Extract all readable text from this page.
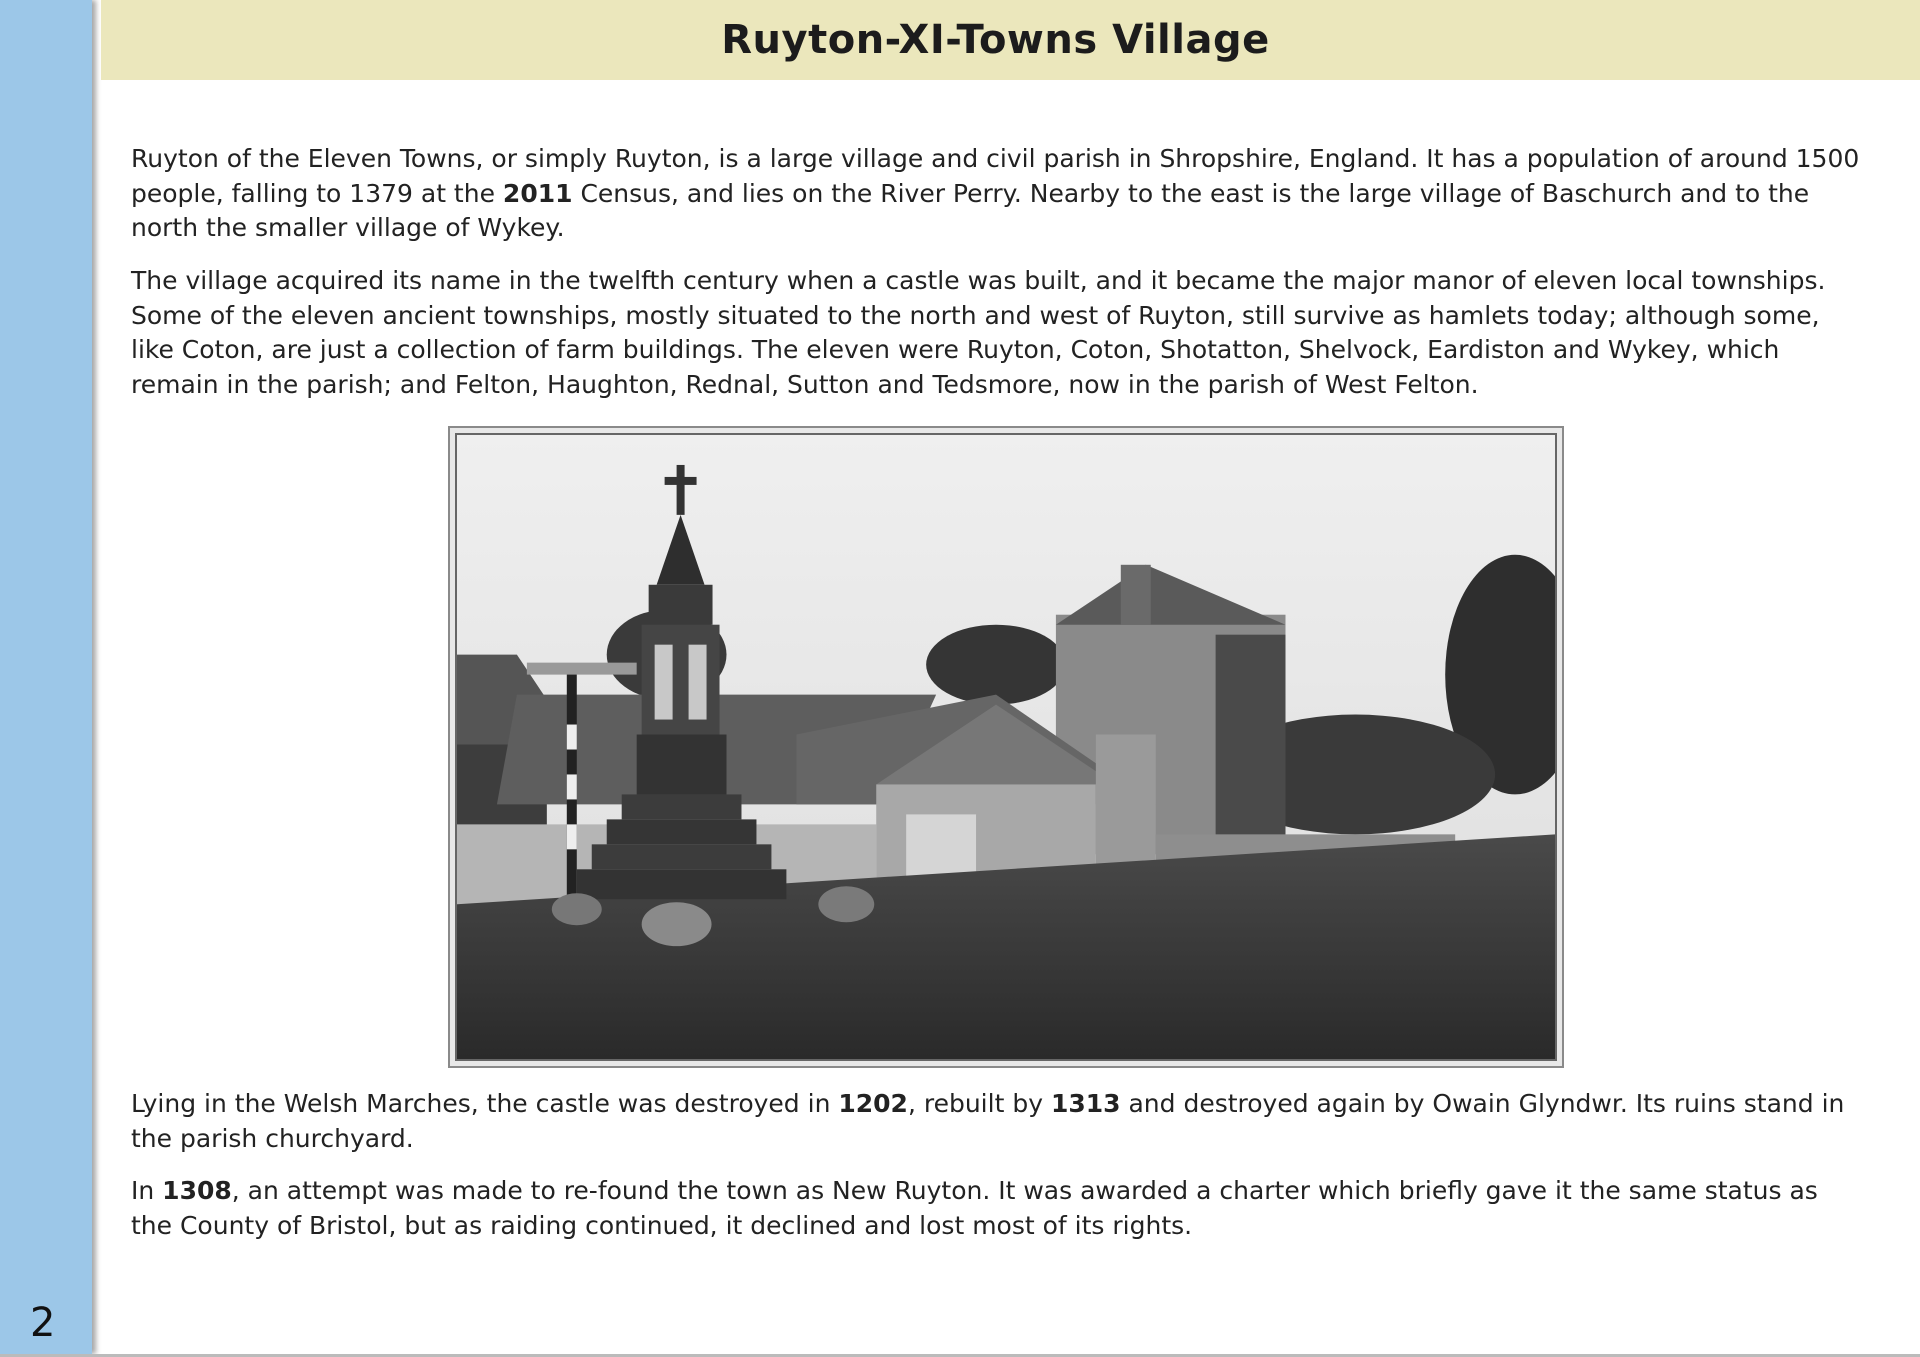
2
Ruyton-XI-Towns Village

Ruyton of the Eleven Towns, or simply Ruyton, is a large village and civil parish in Shropshire, England. It has a population of around 1500 people, falling to 1379 at the 2011 Census, and lies on the River Perry. Nearby to the east is the large village of Baschurch and to the north the smaller village of Wykey.

The village acquired its name in the twelfth century when a castle was built, and it became the major manor of eleven local townships. Some of the eleven ancient townships, mostly situated to the north and west of Ruyton, still survive as hamlets today; although some, like Coton, are just a collection of farm buildings. The eleven were Ruyton, Coton, Shotatton, Shelvock, Eardiston and Wykey, which remain in the parish; and Felton, Haughton, Rednal, Sutton and Tedsmore, now in the parish of West Felton.

Lying in the Welsh Marches, the castle was destroyed in 1202, rebuilt by 1313 and destroyed again by Owain Glyndwr. Its ruins stand in the parish churchyard.

In 1308, an attempt was made to re-found the town as New Ruyton. It was awarded a charter which briefly gave it the same status as the County of Bristol, but as raiding continued, it declined and lost most of its rights.
